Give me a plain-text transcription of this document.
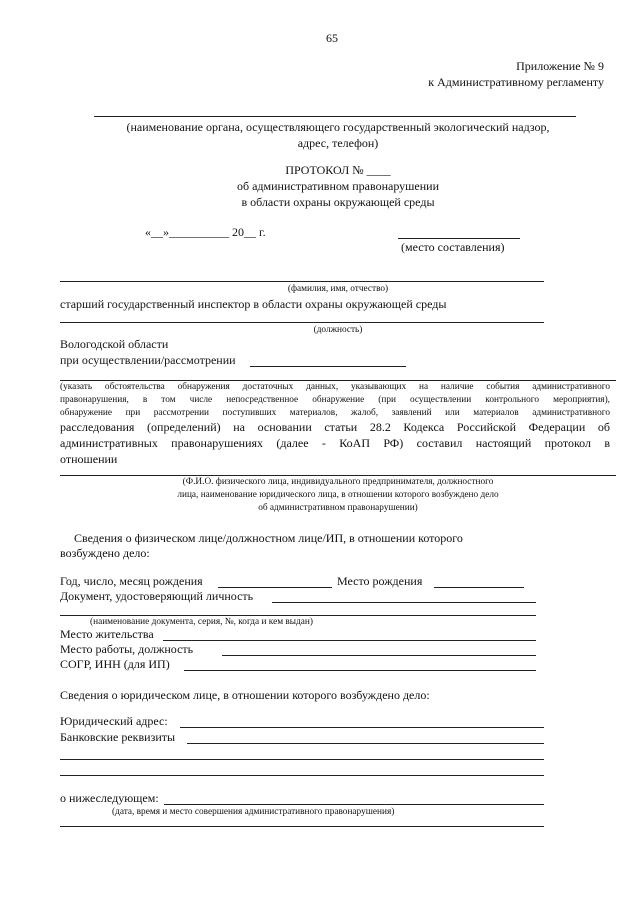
65
Приложение № 9
к Административному регламенту
(наименование органа, осуществляющего государственный экологический надзор,
адрес, телефон)
ПРОТОКОЛ № ____
об административном правонарушении
в области охраны окружающей среды
«__»__________ 20__ г.
(место составления)
(фамилия, имя, отчество)
старший государственный инспектор в области охраны окружающей среды
(должность)
Вологодской области
при осуществлении/рассмотрении
(указать обстоятельства обнаружения достаточных данных, указывающих на наличие события административного
правонарушения, в том числе непосредственное обнаружение (при осуществлении контрольного мероприятия),
обнаружение при рассмотрении поступивших материалов, жалоб, заявлений или материалов административного
расследования (определений) на основании статьи 28.2 Кодекса Российской Федерации об
административных правонарушениях (далее - КоАП РФ) составил настоящий протокол в
отношении
(Ф.И.О. физического лица, индивидуального предпринимателя, должностного
лица, наименование юридического лица, в отношении которого возбуждено дело
об административном правонарушении)
Сведения о физическом лице/должностном лице/ИП, в отношении которого
возбуждено дело:
Год, число, месяц рождения	Место рождения
Документ, удостоверяющий личность
(наименование документа, серия, №, когда и кем выдан)
Место жительства
Место работы, должность
СОГР, ИНН (для ИП)
Сведения о юридическом лице, в отношении которого возбуждено дело:
Юридический адрес:
Банковские реквизиты
о нижеследующем:
(дата, время и место совершения административного правонарушения)
